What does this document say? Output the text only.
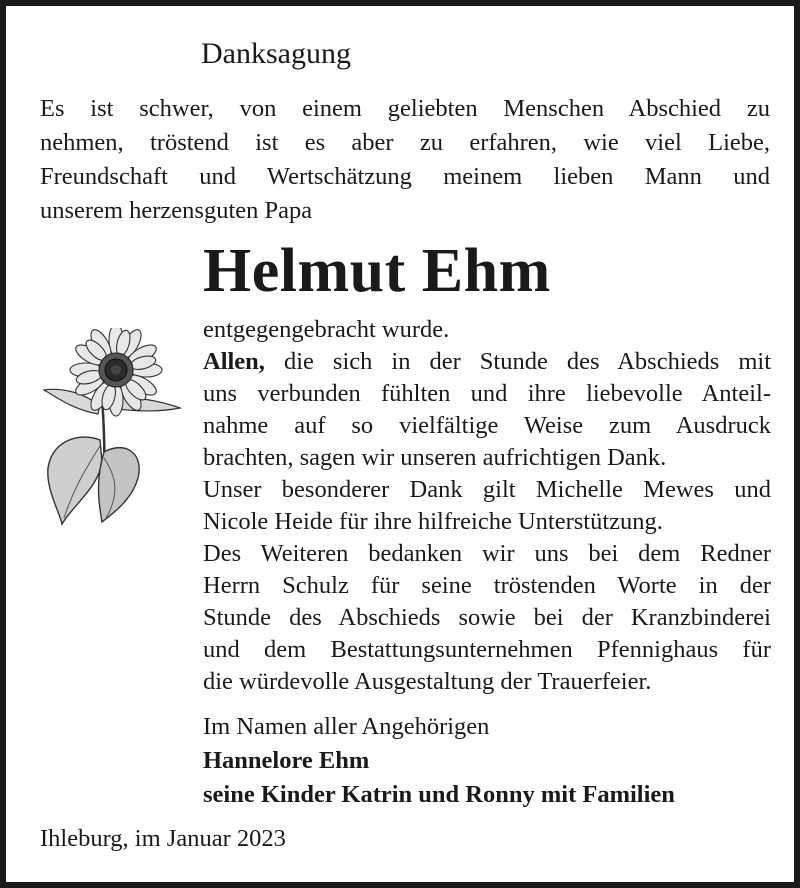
Danksagung
Es ist schwer, von einem geliebten Menschen Abschied zu
nehmen, tröstend ist es aber zu erfahren, wie viel Liebe,
Freundschaft und Wertschätzung meinem lieben Mann und
unserem herzensguten Papa
Helmut Ehm
entgegengebracht wurde.
Allen, die sich in der Stunde des Abschieds mit
uns verbunden fühlten und ihre liebevolle Anteil-
nahme auf so vielfältige Weise zum Ausdruck
brachten, sagen wir unseren aufrichtigen Dank.
Unser besonderer Dank gilt Michelle Mewes und
Nicole Heide für ihre hilfreiche Unterstützung.
Des Weiteren bedanken wir uns bei dem Redner
Herrn Schulz für seine tröstenden Worte in der
Stunde des Abschieds sowie bei der Kranzbinderei
und dem Bestattungsunternehmen Pfennighaus für
die würdevolle Ausgestaltung der Trauerfeier.
Im Namen aller Angehörigen
Hannelore Ehm
seine Kinder Katrin und Ronny mit Familien
Ihleburg, im Januar 2023
